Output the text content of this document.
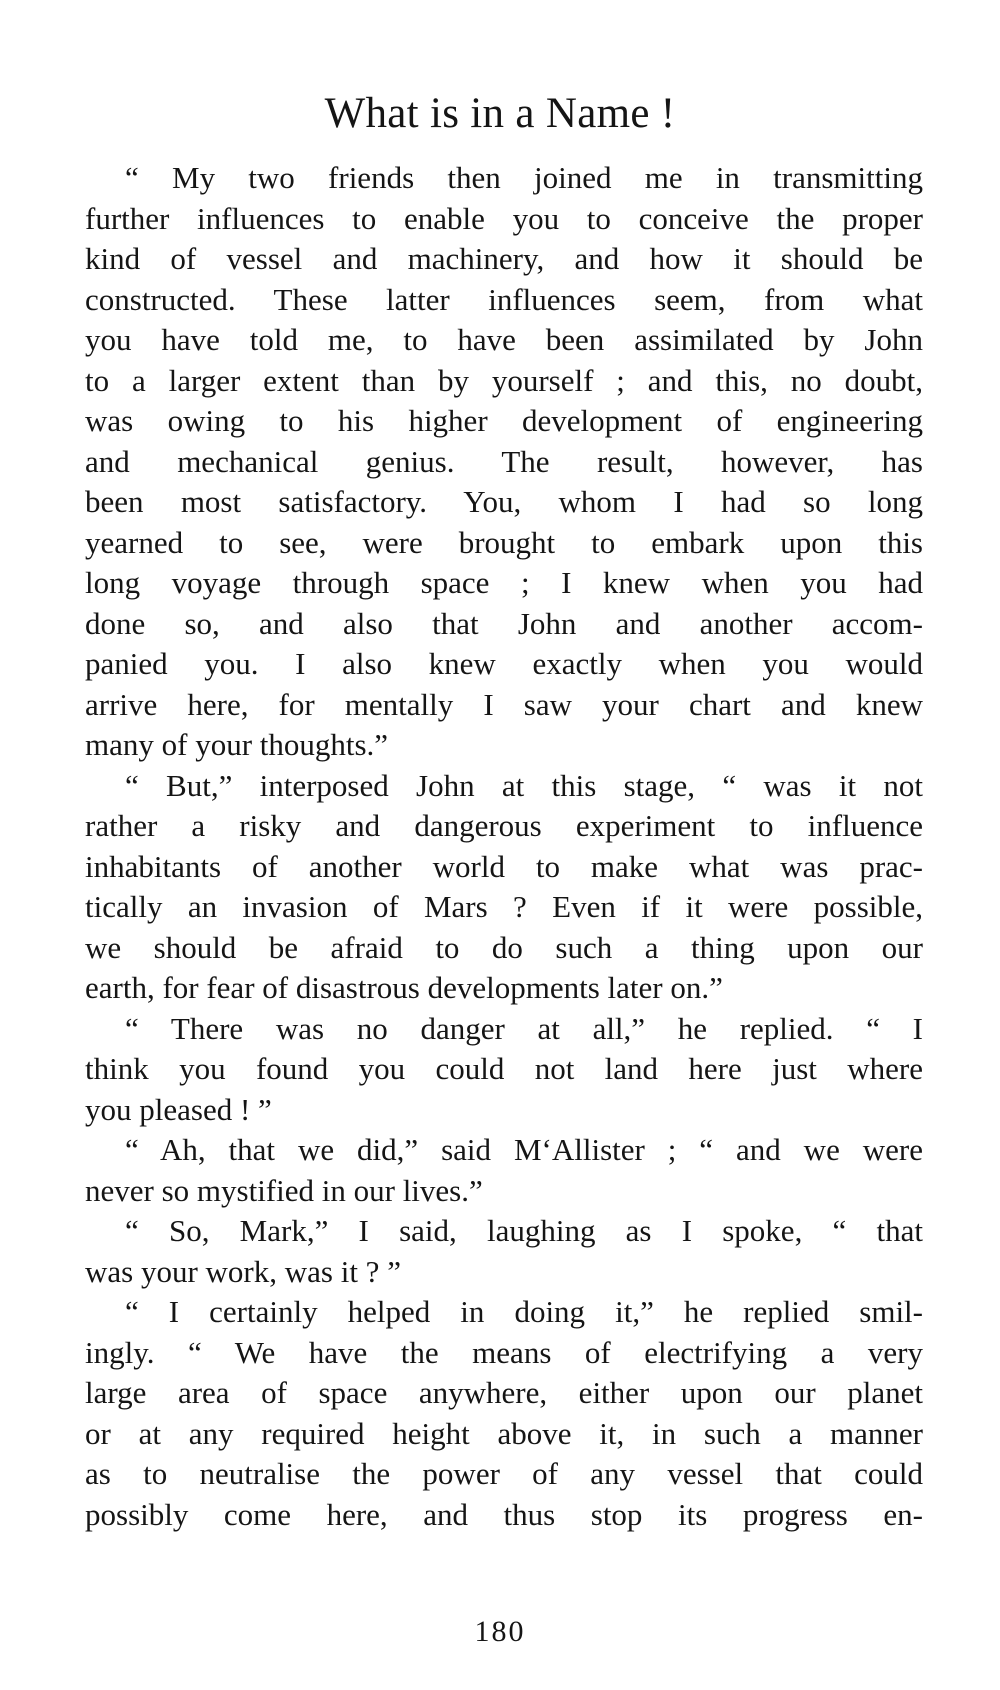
What is in a Name !
“ My two friends then joined me in transmitting
further influences to enable you to conceive the proper
kind of vessel and machinery, and how it should be
constructed. These latter influences seem, from what
you have told me, to have been assimilated by John
to a larger extent than by yourself ; and this, no doubt,
was owing to his higher development of engineering
and mechanical genius. The result, however, has
been most satisfactory. You, whom I had so long
yearned to see, were brought to embark upon this
long voyage through space ; I knew when you had
done so, and also that John and another accom-
panied you. I also knew exactly when you would
arrive here, for mentally I saw your chart and knew
many of your thoughts.”
“ But,” interposed John at this stage, “ was it not
rather a risky and dangerous experiment to influence
inhabitants of another world to make what was prac-
tically an invasion of Mars ? Even if it were possible,
we should be afraid to do such a thing upon our
earth, for fear of disastrous developments later on.”
“ There was no danger at all,” he replied. “ I
think you found you could not land here just where
you pleased ! ”
“ Ah, that we did,” said M‘Allister ; “ and we were
never so mystified in our lives.”
“ So, Mark,” I said, laughing as I spoke, “ that
was your work, was it ? ”
“ I certainly helped in doing it,” he replied smil-
ingly. “ We have the means of electrifying a very
large area of space anywhere, either upon our planet
or at any required height above it, in such a manner
as to neutralise the power of any vessel that could
possibly come here, and thus stop its progress en-
180
